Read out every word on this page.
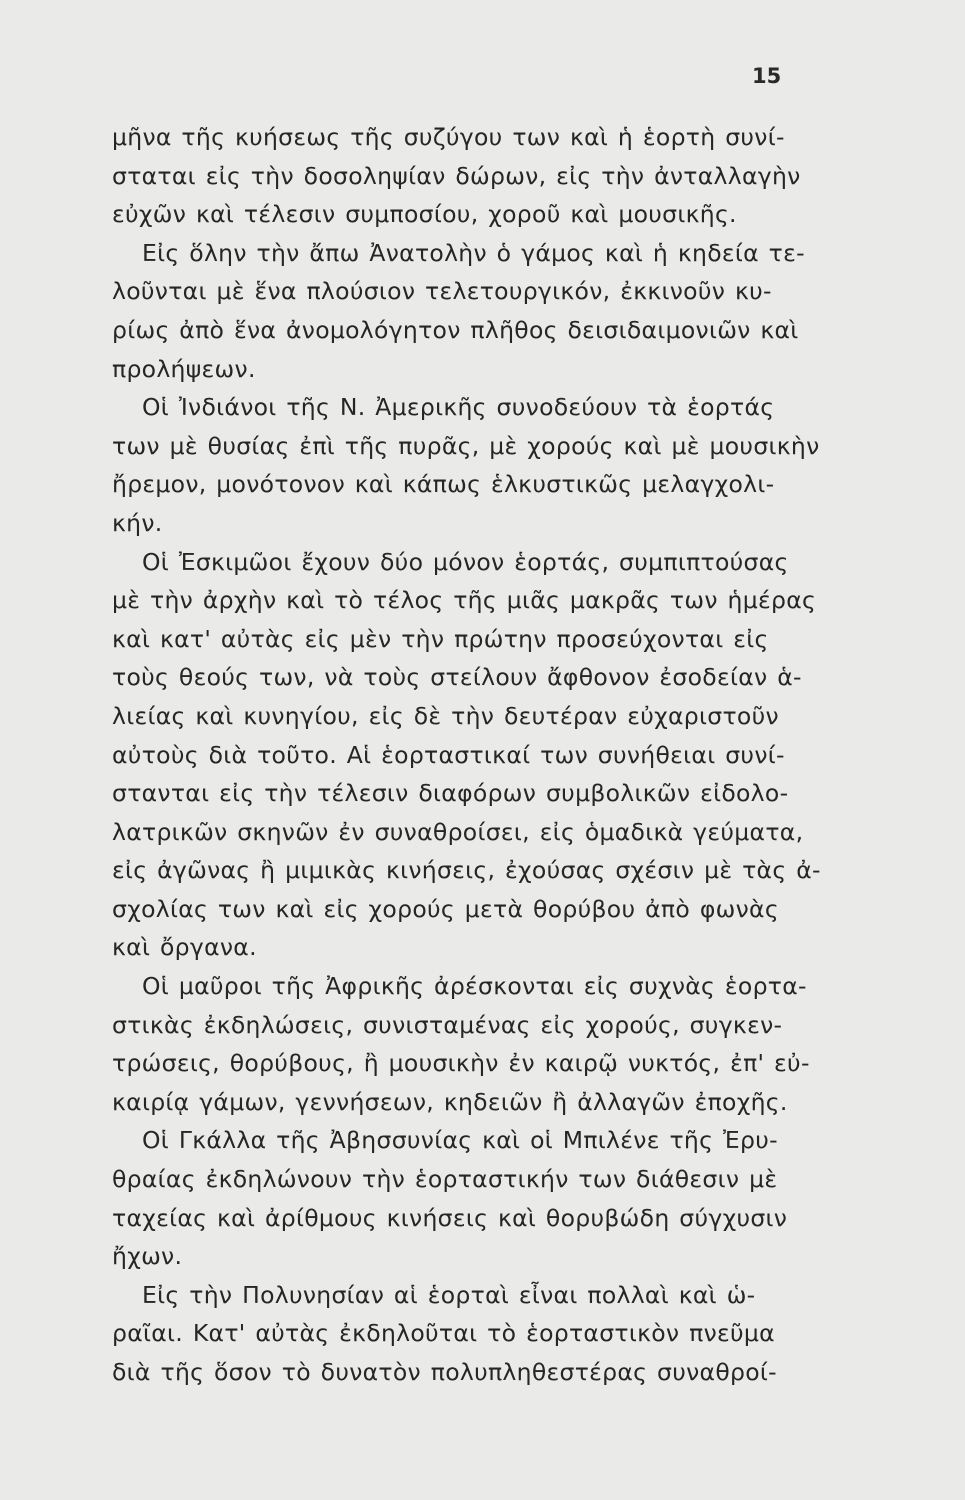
15
μῆνα τῆς κυήσεως τῆς συζύγου των καὶ ἡ ἑορτὴ συνί-
σταται εἰς τὴν δοσοληψίαν δώρων, εἰς τὴν ἀνταλλαγὴν
εὐχῶν καὶ τέλεσιν συμποσίου, χοροῦ καὶ μουσικῆς.
Εἰς ὅλην τὴν ἄπω Ἀνατολὴν ὁ γάμος καὶ ἡ κηδεία τε-
λοῦνται μὲ ἕνα πλούσιον τελετουργικόν, ἐκκινοῦν κυ-
ρίως ἀπὸ ἕνα ἀνομολόγητον πλῆθος δεισιδαιμονιῶν καὶ
προλήψεων.
Οἱ Ἰνδιάνοι τῆς Ν. Ἀμερικῆς συνοδεύουν τὰ ἑορτάς
των μὲ θυσίας ἐπὶ τῆς πυρᾶς, μὲ χορούς καὶ μὲ μουσικὴν
ἤρεμον, μονότονον καὶ κάπως ἑλκυστικῶς μελαγχολι-
κήν.
Οἱ Ἐσκιμῶοι ἔχουν δύο μόνον ἑορτάς, συμπιπτούσας
μὲ τὴν ἀρχὴν καὶ τὸ τέλος τῆς μιᾶς μακρᾶς των ἡμέρας
καὶ κατ' αὐτὰς εἰς μὲν τὴν πρώτην προσεύχονται εἰς
τοὺς θεούς των, νὰ τοὺς στείλουν ἄφθονον ἐσοδείαν ἁ-
λιείας καὶ κυνηγίου, εἰς δὲ τὴν δευτέραν εὐχαριστοῦν
αὐτοὺς διὰ τοῦτο. Αἱ ἑορταστικαί των συνήθειαι συνί-
στανται εἰς τὴν τέλεσιν διαφόρων συμβολικῶν εἰδολο-
λατρικῶν σκηνῶν ἐν συναθροίσει, εἰς ὁμαδικὰ γεύματα,
εἰς ἀγῶνας ἢ μιμικὰς κινήσεις, ἐχούσας σχέσιν μὲ τὰς ἀ-
σχολίας των καὶ εἰς χορούς μετὰ θορύβου ἀπὸ φωνὰς
καὶ ὄργανα.
Οἱ μαῦροι τῆς Ἀφρικῆς ἀρέσκονται εἰς συχνὰς ἑορτα-
στικὰς ἐκδηλώσεις, συνισταμένας εἰς χορούς, συγκεν-
τρώσεις, θορύβους, ἢ μουσικὴν ἐν καιρῷ νυκτός, ἐπ' εὐ-
καιρίᾳ γάμων, γεννήσεων, κηδειῶν ἢ ἀλλαγῶν ἐποχῆς.
Οἱ Γκάλλα τῆς Ἀβησσυνίας καὶ οἱ Μπιλένε τῆς Ἐρυ-
θραίας ἐκδηλώνουν τὴν ἑορταστικήν των διάθεσιν μὲ
ταχείας καὶ ἀρίθμους κινήσεις καὶ θορυβώδη σύγχυσιν
ἤχων.
Εἰς τὴν Πολυνησίαν αἱ ἑορταὶ εἶναι πολλαὶ καὶ ὡ-
ραῖαι. Κατ' αὐτὰς ἐκδηλοῦται τὸ ἑορταστικὸν πνεῦμα
διὰ τῆς ὅσον τὸ δυνατὸν πολυπληθεστέρας συναθροί-
